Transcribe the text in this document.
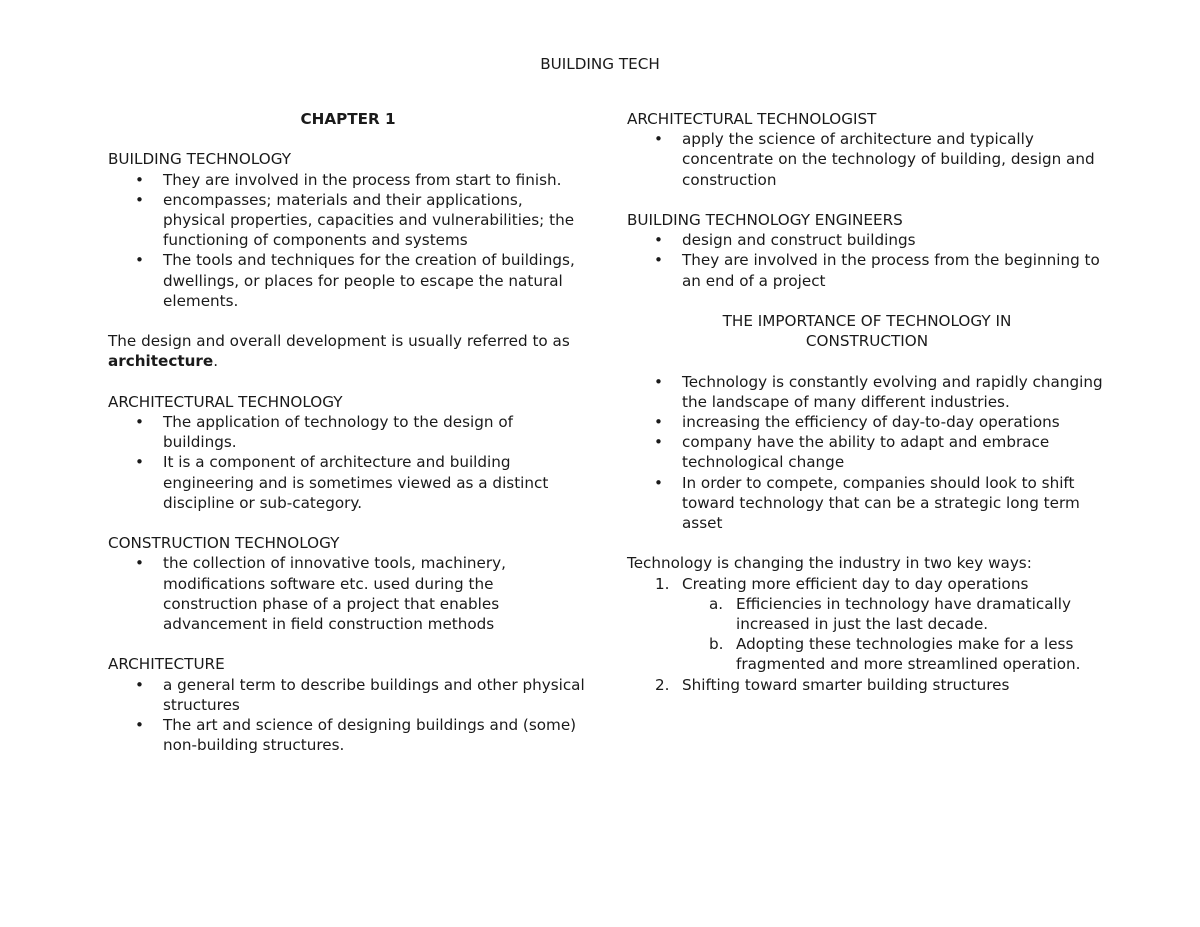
BUILDING TECH
CHAPTER 1
BUILDING TECHNOLOGY
• They are involved in the process from start to finish.
• encompasses; materials and their applications, physical properties, capacities and vulnerabilities; the functioning of components and systems
• The tools and techniques for the creation of buildings, dwellings, or places for people to escape the natural elements.
The design and overall development is usually referred to as architecture.
ARCHITECTURAL TECHNOLOGY
• The application of technology to the design of buildings.
• It is a component of architecture and building engineering and is sometimes viewed as a distinct discipline or sub-category.
CONSTRUCTION TECHNOLOGY
• the collection of innovative tools, machinery, modifications software etc. used during the construction phase of a project that enables advancement in field construction methods
ARCHITECTURE
• a general term to describe buildings and other physical structures
• The art and science of designing buildings and (some) non-building structures.
ARCHITECTURAL TECHNOLOGIST
• apply the science of architecture and typically concentrate on the technology of building, design and construction
BUILDING TECHNOLOGY ENGINEERS
• design and construct buildings
• They are involved in the process from the beginning to an end of a project
THE IMPORTANCE OF TECHNOLOGY IN
CONSTRUCTION
• Technology is constantly evolving and rapidly changing the landscape of many different industries.
• increasing the efficiency of day-to-day operations
• company have the ability to adapt and embrace technological change
• In order to compete, companies should look to shift toward technology that can be a strategic long term asset
Technology is changing the industry in two key ways:
1. Creating more efficient day to day operations
a. Efficiencies in technology have dramatically increased in just the last decade.
b. Adopting these technologies make for a less fragmented and more streamlined operation.
2. Shifting toward smarter building structures
